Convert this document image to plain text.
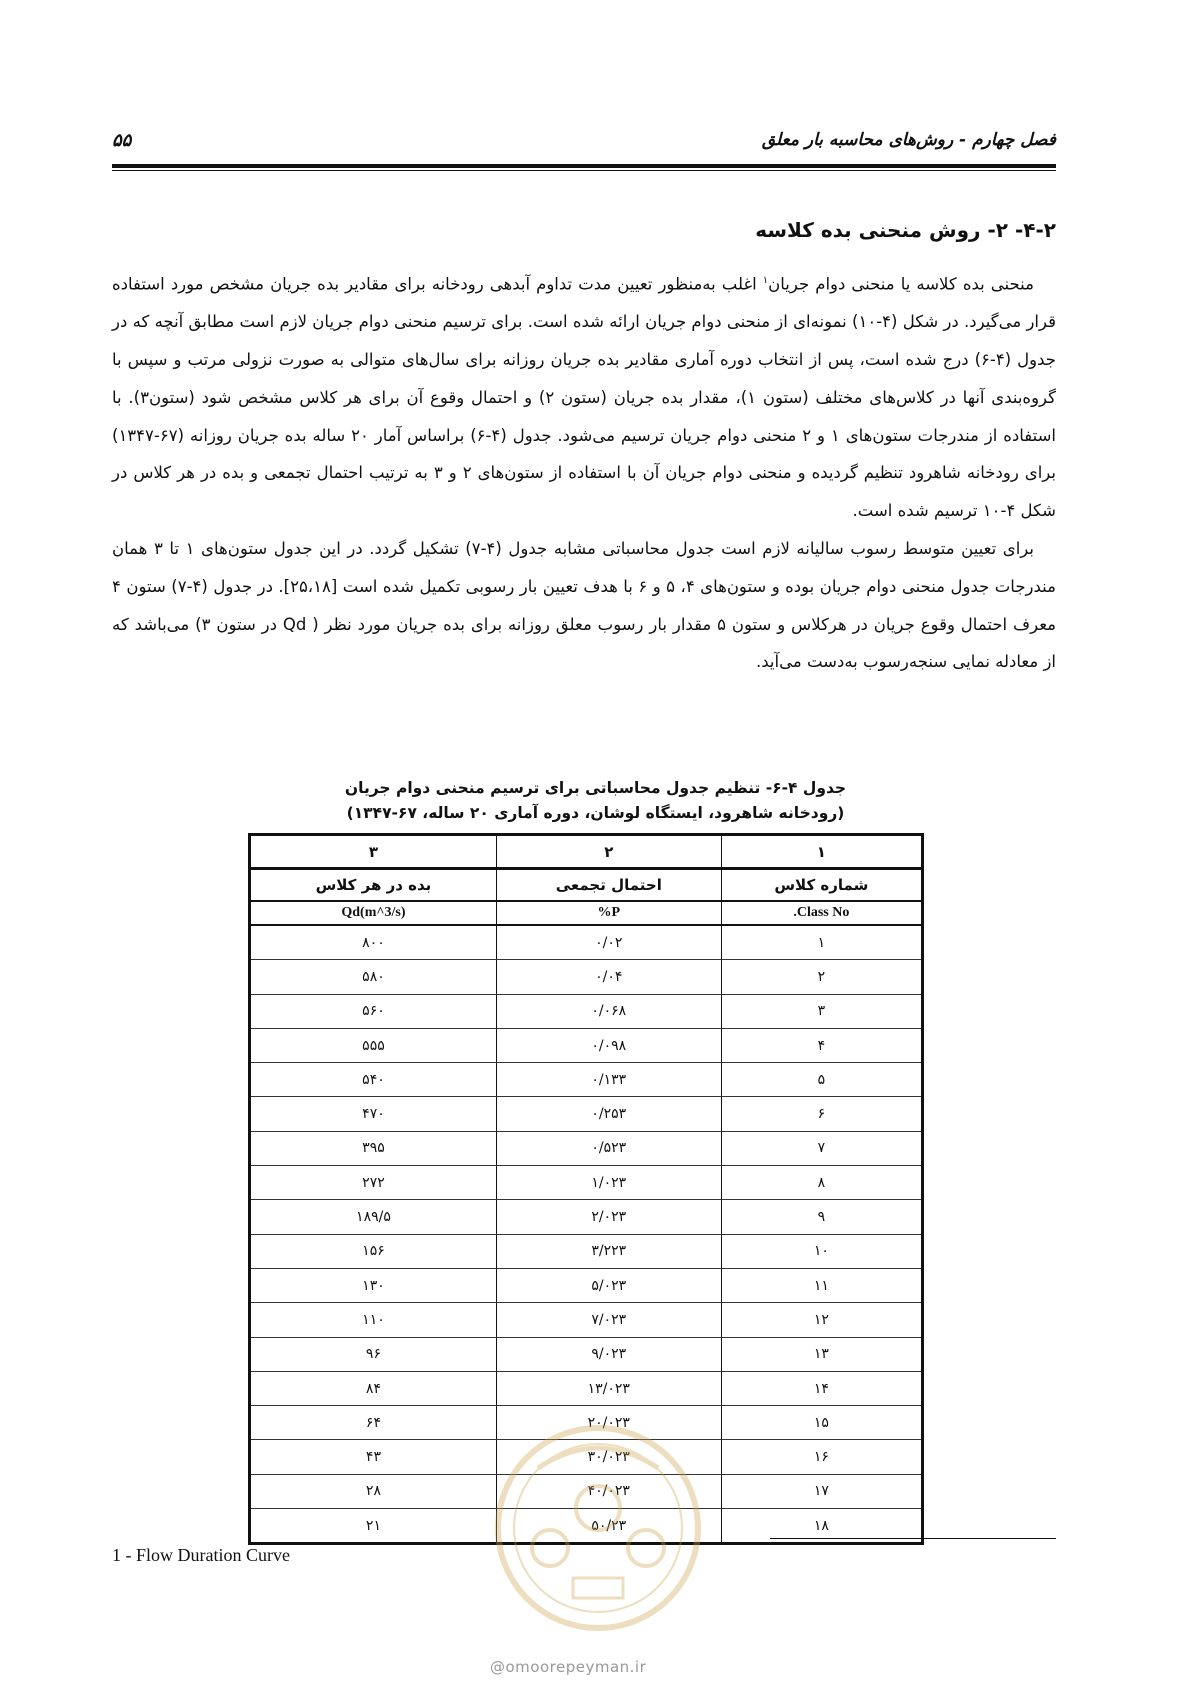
فصل چهارم - روش‌های محاسبه بار معلق
۵۵
۴-۲- ۲- روش منحنی بده کلاسه

منحنی بده کلاسه یا منحنی دوام جریان$^۱$ اغلب به‌منظور تعیین مدت تداوم آبدهی رودخانه برای مقادیر بده جریان مشخص مورد استفاده قرار می‌گیرد. در شکل (۴-۱۰) نمونه‌ای از منحنی دوام جریان ارائه شده است. برای ترسیم منحنی دوام جریان لازم است مطابق آنچه که در جدول (۴-۶) درج شده است، پس از انتخاب دوره آماری مقادیر بده جریان روزانه برای سال‌های متوالی به صورت نزولی مرتب و سپس با گروه‌بندی آنها در کلاس‌های مختلف (ستون ۱)، مقدار بده جریان (ستون ۲) و احتمال وقوع آن برای هر کلاس مشخص شود (ستون۳). با استفاده از مندرجات ستون‌های ۱ و ۲ منحنی دوام جریان ترسیم می‌شود. جدول (۴-۶) براساس آمار ۲۰ ساله بده جریان روزانه (۶۷-۱۳۴۷) برای رودخانه شاهرود تنظیم گردیده و منحنی دوام جریان آن با استفاده از ستون‌های ۲ و ۳ به ترتیب احتمال تجمعی و بده در هر کلاس در شکل ۴-۱۰ ترسیم شده است.

برای تعیین متوسط رسوب سالیانه لازم است جدول محاسباتی مشابه جدول (۴-۷) تشکیل گردد. در این جدول ستون‌های ۱ تا ۳ همان مندرجات جدول منحنی دوام جریان بوده و ستون‌های ۴، ۵ و ۶ با هدف تعیین بار رسوبی تکمیل شده است [۲۵،۱۸]. در جدول (۴-۷) ستون ۴ معرف احتمال وقوع جریان در هرکلاس و ستون ۵ مقدار بار رسوب معلق روزانه برای بده جریان مورد نظر ( Qd در ستون ۳) می‌باشد که از معادله نمایی سنجه‌رسوب به‌دست می‌آید.

جدول ۴-۶- تنظیم جدول محاسباتی برای ترسیم منحنی دوام جریان
(رودخانه شاهرود، ایستگاه لوشان، دوره آماری ۲۰ ساله، ۶۷-۱۳۴۷)
۱	۲	۳
شماره کلاس	احتمال تجمعی	بده در هر کلاس
Class No.	P%	Qd(m^3/s)
۱	۰/۰۲	۸۰۰
۲	۰/۰۴	۵۸۰
۳	۰/۰۶۸	۵۶۰
۴	۰/۰۹۸	۵۵۵
۵	۰/۱۳۳	۵۴۰
۶	۰/۲۵۳	۴۷۰
۷	۰/۵۲۳	۳۹۵
۸	۱/۰۲۳	۲۷۲
۹	۲/۰۲۳	۱۸۹/۵
۱۰	۳/۲۲۳	۱۵۶
۱۱	۵/۰۲۳	۱۳۰
۱۲	۷/۰۲۳	۱۱۰
۱۳	۹/۰۲۳	۹۶
۱۴	۱۳/۰۲۳	۸۴
۱۵	۲۰/۰۲۳	۶۴
۱۶	۳۰/۰۲۳	۴۳
۱۷	۴۰/۰۲۳	۲۸
۱۸	۵۰/۲۳	۲۱
1 - Flow Duration Curve
@omoorepeyman.ir
